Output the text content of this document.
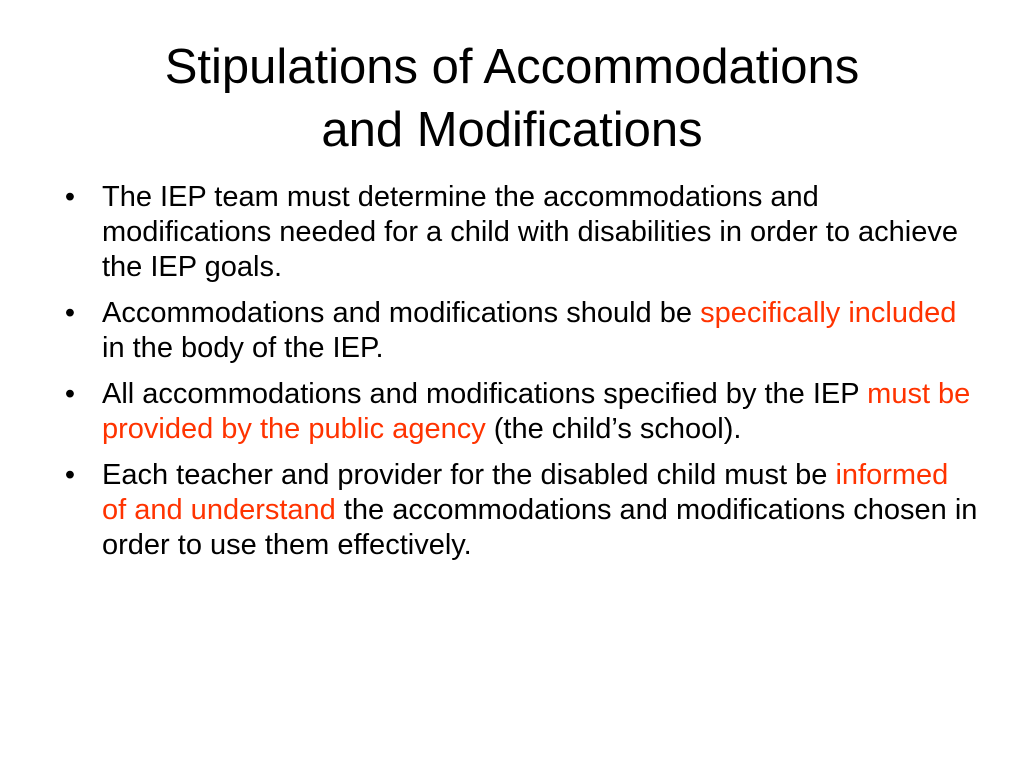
Stipulations of Accommodations
and Modifications
• The IEP team must determine the accommodations and modifications needed for a child with disabilities in order to achieve the IEP goals.
• Accommodations and modifications should be specifically included in the body of the IEP.
• All accommodations and modifications specified by the IEP must be provided by the public agency (the child’s school).
• Each teacher and provider for the disabled child must be informed of and understand the accommodations and modifications chosen in order to use them effectively.
